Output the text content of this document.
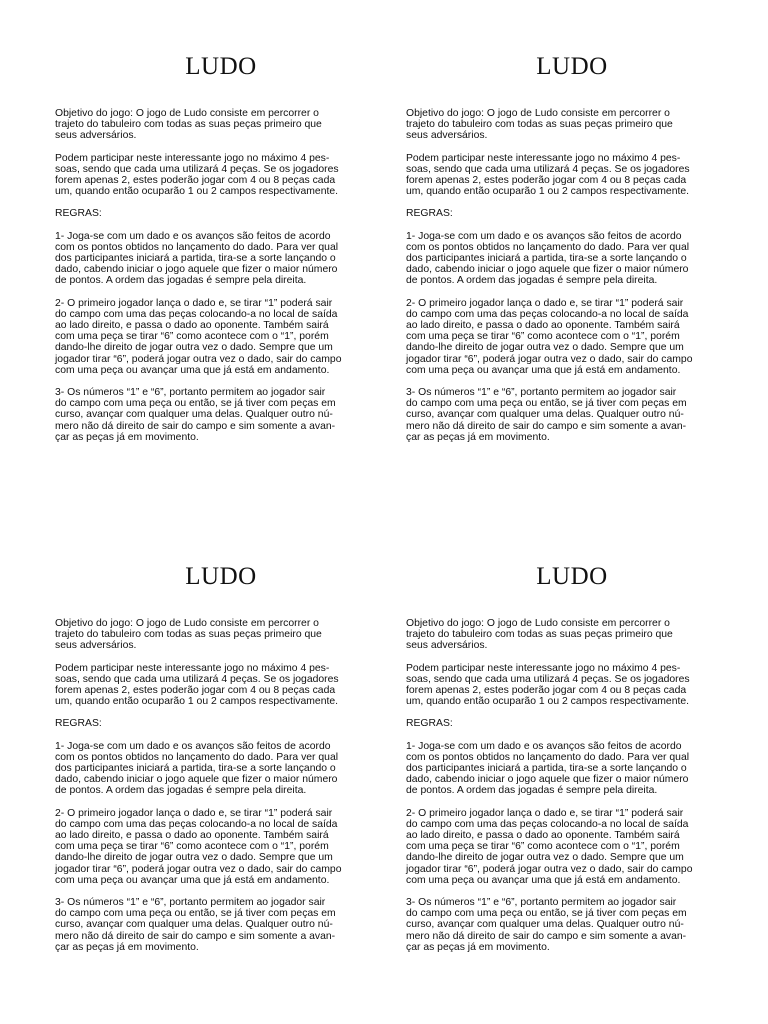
LUDO
Objetivo do jogo: O jogo de Ludo consiste em percorrer o
trajeto do tabuleiro com todas as suas peças primeiro que
seus adversários.
Podem participar neste interessante jogo no máximo 4 pes-
soas, sendo que cada uma utilizará 4 peças. Se os jogadores
forem apenas 2, estes poderão jogar com 4 ou 8 peças cada
um, quando então ocuparão 1 ou 2 campos respectivamente.
REGRAS:
1- Joga-se com um dado e os avanços são feitos de acordo
com os pontos obtidos no lançamento do dado. Para ver qual
dos participantes iniciará a partida, tira-se a sorte lançando o
dado, cabendo iniciar o jogo aquele que fizer o maior número
de pontos. A ordem das jogadas é sempre pela direita.
2- O primeiro jogador lança o dado e, se tirar “1” poderá sair
do campo com uma das peças colocando-a no local de saída
ao lado direito, e passa o dado ao oponente. Também sairá
com uma peça se tirar “6” como acontece com o “1”, porém
dando-lhe direito de jogar outra vez o dado. Sempre que um
jogador tirar “6”, poderá jogar outra vez o dado, sair do campo
com uma peça ou avançar uma que já está em andamento.
3- Os números “1” e “6”, portanto permitem ao jogador sair
do campo com uma peça ou então, se já tiver com peças em
curso, avançar com qualquer uma delas. Qualquer outro nú-
mero não dá direito de sair do campo e sim somente a avan-
çar as peças já em movimento.
LUDO
Objetivo do jogo: O jogo de Ludo consiste em percorrer o
trajeto do tabuleiro com todas as suas peças primeiro que
seus adversários.
Podem participar neste interessante jogo no máximo 4 pes-
soas, sendo que cada uma utilizará 4 peças. Se os jogadores
forem apenas 2, estes poderão jogar com 4 ou 8 peças cada
um, quando então ocuparão 1 ou 2 campos respectivamente.
REGRAS:
1- Joga-se com um dado e os avanços são feitos de acordo
com os pontos obtidos no lançamento do dado. Para ver qual
dos participantes iniciará a partida, tira-se a sorte lançando o
dado, cabendo iniciar o jogo aquele que fizer o maior número
de pontos. A ordem das jogadas é sempre pela direita.
2- O primeiro jogador lança o dado e, se tirar “1” poderá sair
do campo com uma das peças colocando-a no local de saída
ao lado direito, e passa o dado ao oponente. Também sairá
com uma peça se tirar “6” como acontece com o “1”, porém
dando-lhe direito de jogar outra vez o dado. Sempre que um
jogador tirar “6”, poderá jogar outra vez o dado, sair do campo
com uma peça ou avançar uma que já está em andamento.
3- Os números “1” e “6”, portanto permitem ao jogador sair
do campo com uma peça ou então, se já tiver com peças em
curso, avançar com qualquer uma delas. Qualquer outro nú-
mero não dá direito de sair do campo e sim somente a avan-
çar as peças já em movimento.
LUDO
Objetivo do jogo: O jogo de Ludo consiste em percorrer o
trajeto do tabuleiro com todas as suas peças primeiro que
seus adversários.
Podem participar neste interessante jogo no máximo 4 pes-
soas, sendo que cada uma utilizará 4 peças. Se os jogadores
forem apenas 2, estes poderão jogar com 4 ou 8 peças cada
um, quando então ocuparão 1 ou 2 campos respectivamente.
REGRAS:
1- Joga-se com um dado e os avanços são feitos de acordo
com os pontos obtidos no lançamento do dado. Para ver qual
dos participantes iniciará a partida, tira-se a sorte lançando o
dado, cabendo iniciar o jogo aquele que fizer o maior número
de pontos. A ordem das jogadas é sempre pela direita.
2- O primeiro jogador lança o dado e, se tirar “1” poderá sair
do campo com uma das peças colocando-a no local de saída
ao lado direito, e passa o dado ao oponente. Também sairá
com uma peça se tirar “6” como acontece com o “1”, porém
dando-lhe direito de jogar outra vez o dado. Sempre que um
jogador tirar “6”, poderá jogar outra vez o dado, sair do campo
com uma peça ou avançar uma que já está em andamento.
3- Os números “1” e “6”, portanto permitem ao jogador sair
do campo com uma peça ou então, se já tiver com peças em
curso, avançar com qualquer uma delas. Qualquer outro nú-
mero não dá direito de sair do campo e sim somente a avan-
çar as peças já em movimento.
LUDO
Objetivo do jogo: O jogo de Ludo consiste em percorrer o
trajeto do tabuleiro com todas as suas peças primeiro que
seus adversários.
Podem participar neste interessante jogo no máximo 4 pes-
soas, sendo que cada uma utilizará 4 peças. Se os jogadores
forem apenas 2, estes poderão jogar com 4 ou 8 peças cada
um, quando então ocuparão 1 ou 2 campos respectivamente.
REGRAS:
1- Joga-se com um dado e os avanços são feitos de acordo
com os pontos obtidos no lançamento do dado. Para ver qual
dos participantes iniciará a partida, tira-se a sorte lançando o
dado, cabendo iniciar o jogo aquele que fizer o maior número
de pontos. A ordem das jogadas é sempre pela direita.
2- O primeiro jogador lança o dado e, se tirar “1” poderá sair
do campo com uma das peças colocando-a no local de saída
ao lado direito, e passa o dado ao oponente. Também sairá
com uma peça se tirar “6” como acontece com o “1”, porém
dando-lhe direito de jogar outra vez o dado. Sempre que um
jogador tirar “6”, poderá jogar outra vez o dado, sair do campo
com uma peça ou avançar uma que já está em andamento.
3- Os números “1” e “6”, portanto permitem ao jogador sair
do campo com uma peça ou então, se já tiver com peças em
curso, avançar com qualquer uma delas. Qualquer outro nú-
mero não dá direito de sair do campo e sim somente a avan-
çar as peças já em movimento.
